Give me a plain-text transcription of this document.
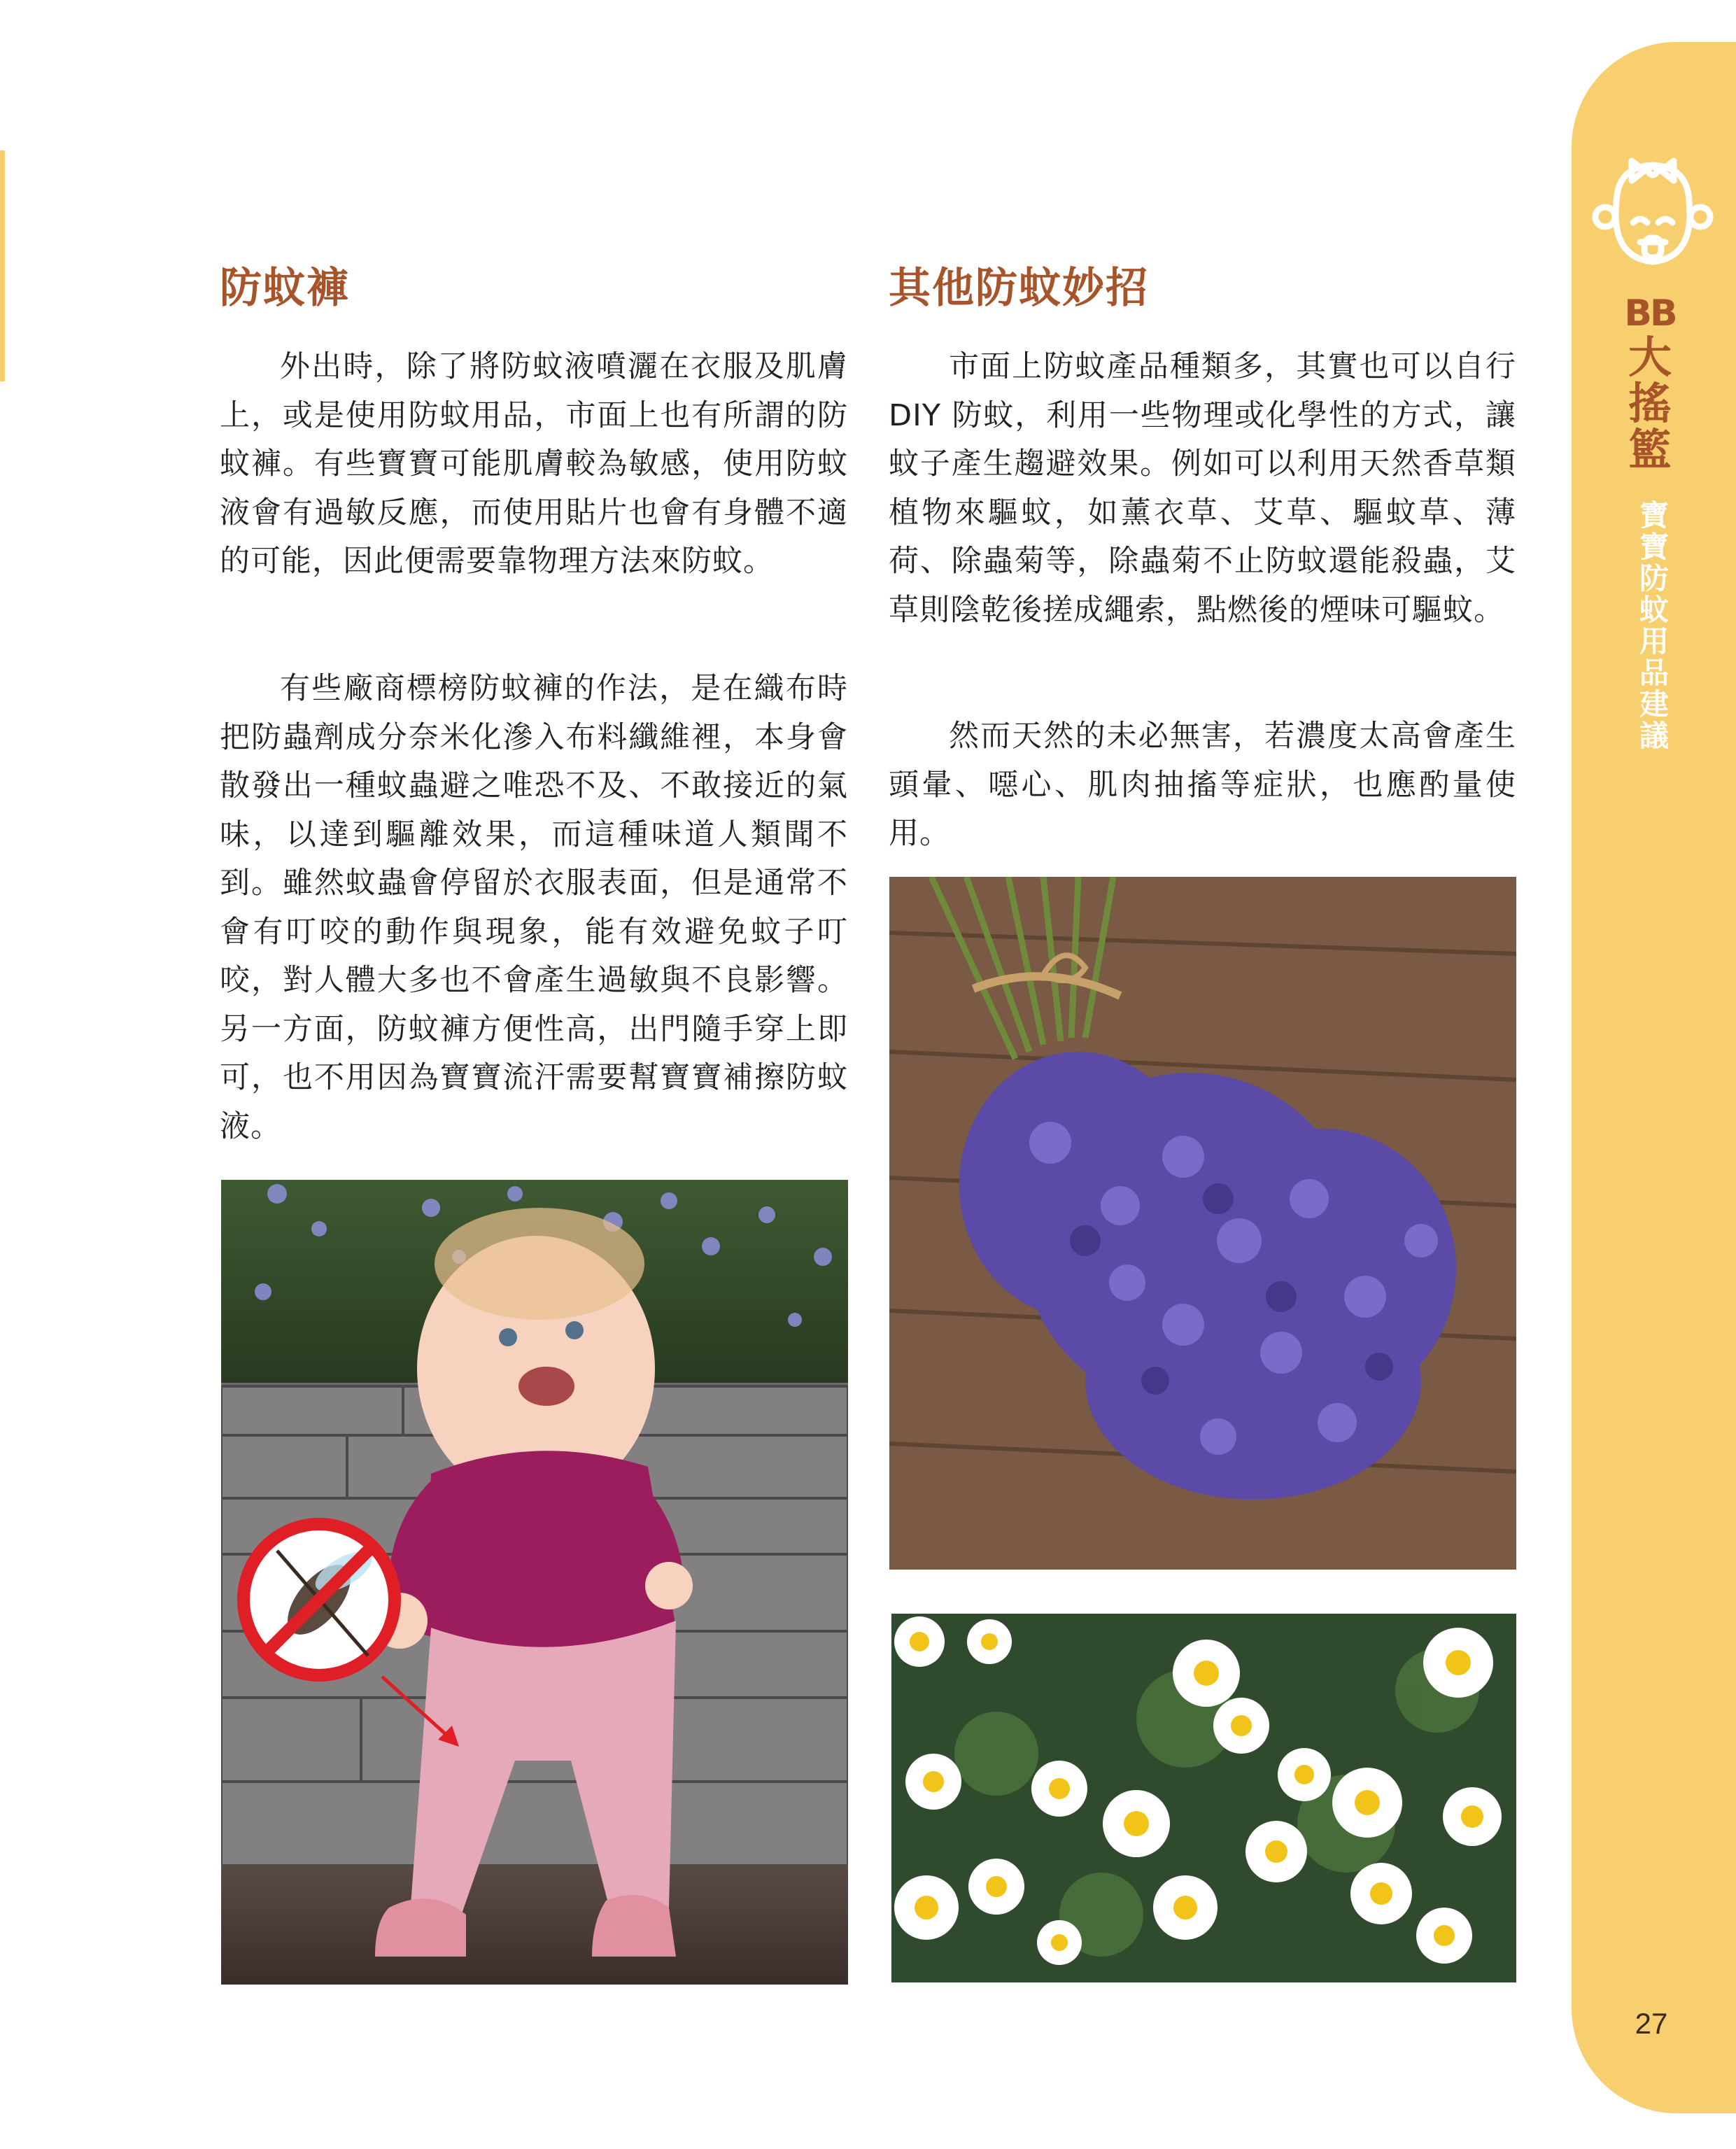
防蚊褲

外出時，除了將防蚊液噴灑在衣服及肌膚上，或是使用防蚊用品，市面上也有所謂的防蚊褲。有些寶寶可能肌膚較為敏感，使用防蚊液會有過敏反應，而使用貼片也會有身體不適的可能，因此便需要靠物理方法來防蚊。

有些廠商標榜防蚊褲的作法，是在織布時把防蟲劑成分奈米化滲入布料纖維裡，本身會散發出一種蚊蟲避之唯恐不及、不敢接近的氣味，以達到驅離效果，而這種味道人類聞不到。雖然蚊蟲會停留於衣服表面，但是通常不會有叮咬的動作與現象，能有效避免蚊子叮咬，對人體大多也不會產生過敏與不良影響。另一方面，防蚊褲方便性高，出門隨手穿上即可，也不用因為寶寶流汗需要幫寶寶補擦防蚊液。

其他防蚊妙招

市面上防蚊產品種類多，其實也可以自行 DIY 防蚊，利用一些物理或化學性的方式，讓蚊子產生趨避效果。例如可以利用天然香草類植物來驅蚊，如薰衣草、艾草、驅蚊草、薄荷、除蟲菊等，除蟲菊不止防蚊還能殺蟲，艾草則陰乾後搓成繩索，點燃後的煙味可驅蚊。

然而天然的未必無害，若濃度太高會產生頭暈、噁心、肌肉抽搐等症狀，也應酌量使用。

BB
大搖籃
寶寶防蚊用品建議
27
